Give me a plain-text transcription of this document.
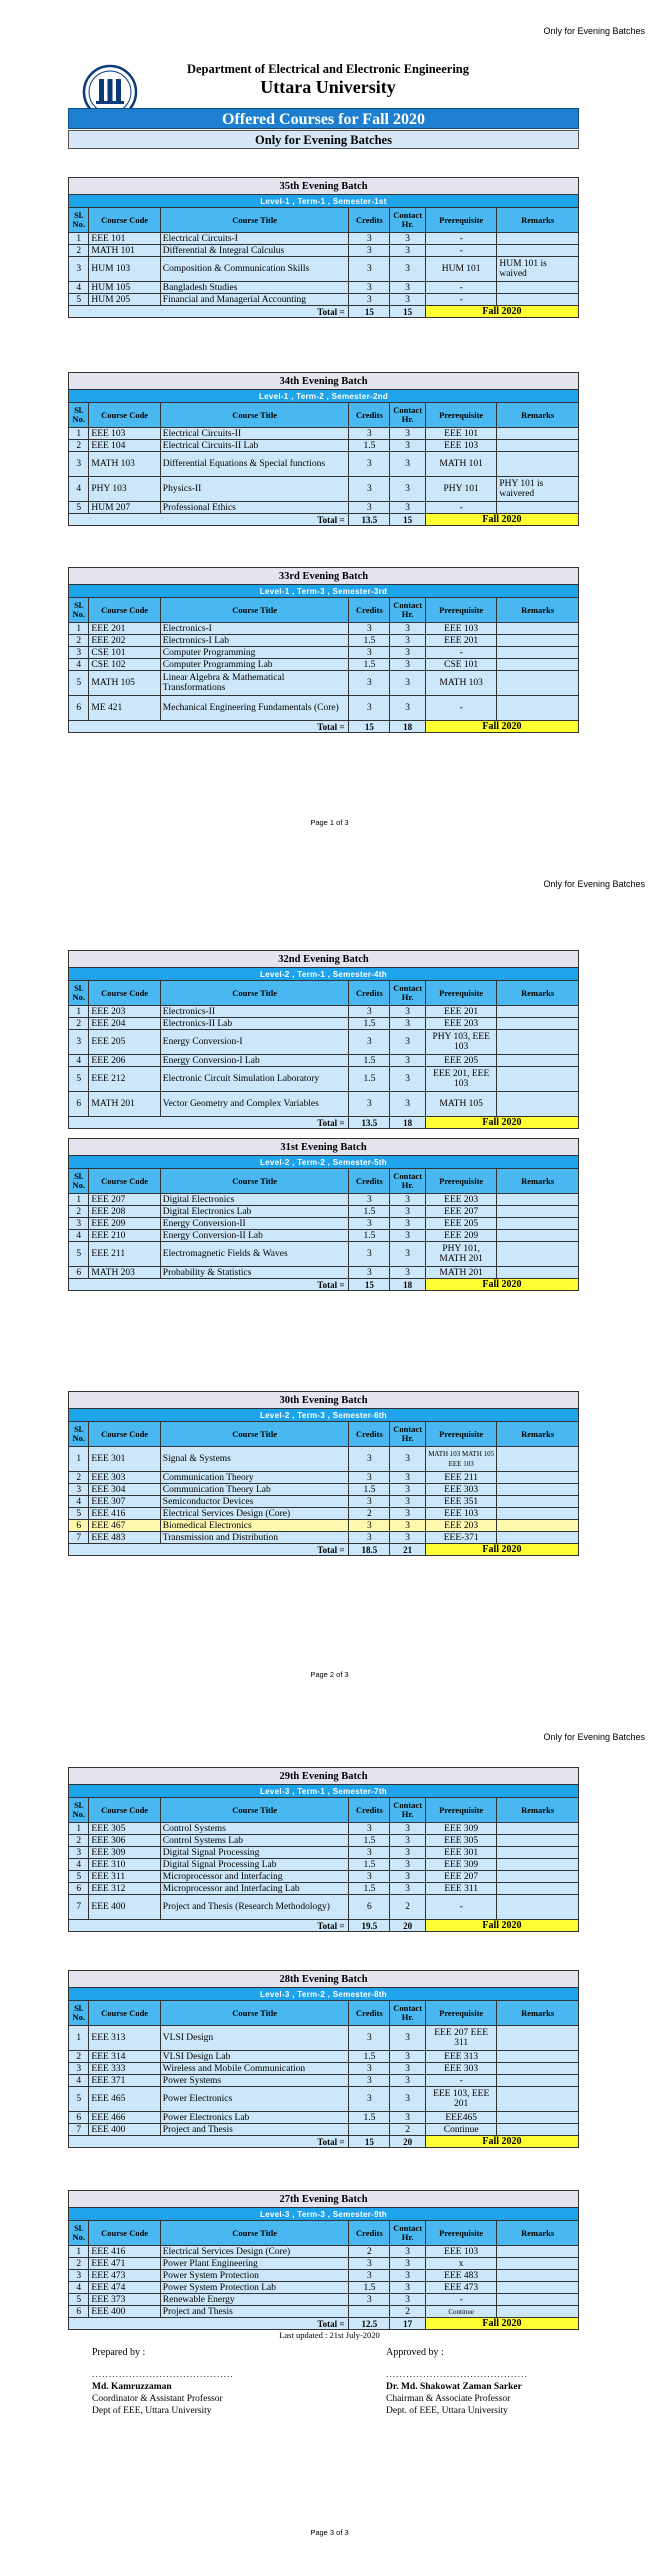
Only for Evening Batches
Department of Electrical and Electronic Engineering
Uttara University
Offered Courses for Fall 2020
Only for Evening Batches
35th Evening Batch						
Level-1 , Term-1 , Semester-1st						
Sl. No.	Course Code	Course Title	Credits	Contact Hr.	Prerequisite	Remarks
1	EEE 101	Electrical Circuits-I	3	3	-	
2	MATH 101	Differential & Integral Calculus	3	3	-	
3	HUM 103	Composition & Communication Skills	3	3	HUM 101	HUM 101 is waived
4	HUM 105	Bangladesh Studies	3	3	-	
5	HUM 205	Financial and Managerial Accounting	3	3	-	
Total =			15	15	Fall 2020	
34th Evening Batch						
Level-1 , Term-2 , Semester-2nd						
Sl. No.	Course Code	Course Title	Credits	Contact Hr.	Prerequisite	Remarks
1	EEE 103	Electrical Circuits-II	3	3	EEE 101	
2	EEE 104	Electrical Circuits-II Lab	1.5	3	EEE 103	
3	MATH 103	Differential Equations & Special functions	3	3	MATH 101	
4	PHY 103	Physics-II	3	3	PHY 101	PHY 101 is waivered
5	HUM 207	Professional Ethics	3	3	-	
Total =			13.5	15	Fall 2020	
33rd Evening Batch						
Level-1 , Term-3 , Semester-3rd						
Sl. No.	Course Code	Course Title	Credits	Contact Hr.	Prerequisite	Remarks
1	EEE 201	Electronics-I	3	3	EEE 103	
2	EEE 202	Electronics-I Lab	1.5	3	EEE 201	
3	CSE 101	Computer Programming	3	3	-	
4	CSE 102	Computer Programming Lab	1.5	3	CSE 101	
5	MATH 105	Linear Algebra & Mathematical Transformations	3	3	MATH 103	
6	ME 421	Mechanical Engineering Fundamentals (Core)	3	3	-	
Total =			15	18	Fall 2020	
Page 1 of 3
Only for Evening Batches
32nd Evening Batch						
Level-2 , Term-1 , Semester-4th						
Sl. No.	Course Code	Course Title	Credits	Contact Hr.	Prerequisite	Remarks
1	EEE 203	Electronics-II	3	3	EEE 201	
2	EEE 204	Electronics-II Lab	1.5	3	EEE 203	
3	EEE 205	Energy Conversion-I	3	3	PHY 103, EEE 103	
4	EEE 206	Energy Conversion-I Lab	1.5	3	EEE 205	
5	EEE 212	Electronic Circuit Simulation Laboratory	1.5	3	EEE 201, EEE 103	
6	MATH 201	Vector Geometry and Complex Variables	3	3	MATH 105	
Total =			13.5	18	Fall 2020	
31st Evening Batch						
Level-2 , Term-2 , Semester-5th						
Sl. No.	Course Code	Course Title	Credits	Contact Hr.	Prerequisite	Remarks
1	EEE 207	Digital Electronics	3	3	EEE 203	
2	EEE 208	Digital Electronics Lab	1.5	3	EEE 207	
3	EEE 209	Energy Conversion-II	3	3	EEE 205	
4	EEE 210	Energy Conversion-II Lab	1.5	3	EEE 209	
5	EEE 211	Electromagnetic Fields & Waves	3	3	PHY 101, MATH 201	
6	MATH 203	Probability & Statistics	3	3	MATH 201	
Total =			15	18	Fall 2020	
30th Evening Batch						
Level-2 , Term-3 , Semester-6th						
Sl. No.	Course Code	Course Title	Credits	Contact Hr.	Prerequisite	Remarks
1	EEE 301	Signal & Systems	3	3	MATH 103 MATH 105 EEE 103	
2	EEE 303	Communication Theory	3	3	EEE 211	
3	EEE 304	Communication Theory Lab	1.5	3	EEE 303	
4	EEE 307	Semiconductor Devices	3	3	EEE 351	
5	EEE 416	Electrical Services Design (Core)	2	3	EEE 103	
6	EEE 467	Biomedical Electronics	3	3	EEE 203	
7	EEE 483	Transmission and Distribution	3	3	EEE-371	
Total =			18.5	21	Fall 2020	
Page 2 of 3
Only for Evening Batches
29th Evening Batch						
Level-3 , Term-1 , Semester-7th						
Sl. No.	Course Code	Course Title	Credits	Contact Hr.	Prerequisite	Remarks
1	EEE 305	Control Systems	3	3	EEE 309	
2	EEE 306	Control Systems Lab	1.5	3	EEE 305	
3	EEE 309	Digital Signal Processing	3	3	EEE 301	
4	EEE 310	Digital Signal Processing Lab	1.5	3	EEE 309	
5	EEE 311	Microprocessor and Interfacing	3	3	EEE 207	
6	EEE 312	Microprocessor and Interfacing Lab	1.5	3	EEE 311	
7	EEE 400	Project and Thesis (Research Methodology)	6	2	-	
Total =			19.5	20	Fall 2020	
28th Evening Batch						
Level-3 , Term-2 , Semester-8th						
Sl. No.	Course Code	Course Title	Credits	Contact Hr.	Prerequisite	Remarks
1	EEE 313	VLSI Design	3	3	EEE 207 EEE 311	
2	EEE 314	VLSI Design Lab	1.5	3	EEE 313	
3	EEE 333	Wireless and Mobile Communication	3	3	EEE 303	
4	EEE 371	Power Systems	3	3	-	
5	EEE 465	Power Electronics	3	3	EEE 103, EEE 201	
6	EEE 466	Power Electronics Lab	1.5	3	EEE465	
7	EEE 400	Project and Thesis		2	Continue	
Total =			15	20	Fall 2020	
27th Evening Batch						
Level-3 , Term-3 , Semester-9th						
Sl. No.	Course Code	Course Title	Credits	Contact Hr.	Prerequisite	Remarks
1	EEE 416	Electrical Services Design (Core)	2	3	EEE 103	
2	EEE 471	Power Plant Engineering	3	3	x	
3	EEE 473	Power System Protection	3	3	EEE 483	
4	EEE 474	Power System Protection Lab	1.5	3	EEE 473	
5	EEE 373	Renewable Energy	3	3	-	
6	EEE 400	Project and Thesis		2	Continue	
Total =			12.5	17	Fall 2020	
Last updated : 21st July-2020
Prepared by :
..........................................
Md. Kamruzzaman
Coordinator & Assistant Professor
Dept of EEE, Uttara University
Approved by :
..........................................
Dr. Md. Shakowat Zaman Sarker
Chairman & Associate Professor
Dept. of EEE, Uttara University
Page 3 of 3
